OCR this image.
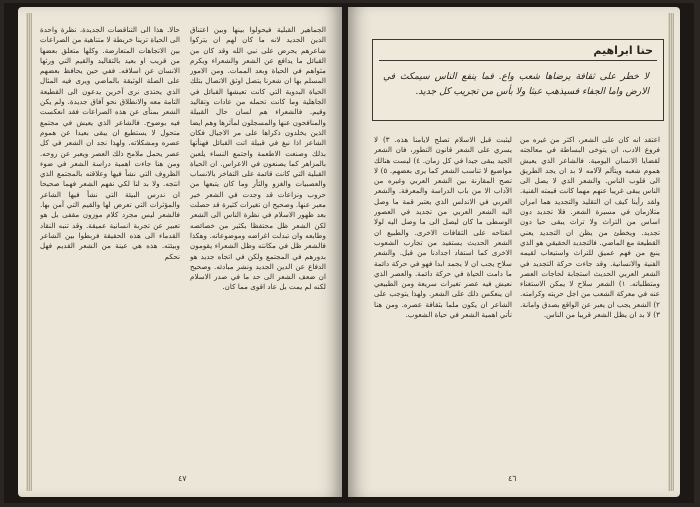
الجماهير القبلية فيحولوا بينها وبين اعتناق الدين الجديد لانه ما كان لهم ان يتركوا شاعرهم يحرض على نبي الله وقد كان من القبائل ما يدافع عن الشعر والشعراء ويكرم مثواهم في الحياة وبعد الممات. ومن الامور المسلم بها ان شعرنا يتصل اوثق الاتصال بتلك الحياة البدوية التي كانت تعيشها القبائل في الجاهلية وما كانت تحمله من عادات وتقاليد وقيم. فالشعراء هم لسان حال القبيلة والمنافحون عنها والمسجلون لمآثرها وهم ايضا الذين يخلدون ذكراها على مر الاجيال فكان الشاعر اذا نبغ في قبيلة اتت القبائل فهنأتها بذلك وصنعت الاطعمة واجتمع النساء يلعبن بالمزاهر كما يصنعون في الاعراس. ان الحياة القبلية التي كانت قائمة على التفاخر بالانساب والعصبيات والغزو والثأر وما كان يتبعها من حروب ونزاعات قد وجدت في الشعر خير معبر عنها. وصحيح ان تغيرات كثيرة قد حصلت بعد ظهور الاسلام في نظرة الناس الى الشعر لكن الشعر ظل محتفظا بكثير من خصائصه وطابعه وان تبدلت اغراضه وموضوعاته. وهكذا فالشعر ظل في مكانته وظل الشعراء يقومون بدورهم في المجتمع ولكن في اتجاه جديد هو الدفاع عن الدين الجديد ونشر مبادئه. وصحيح ان ضعف الشعر الى حد ما في صدر الاسلام لكنه لم يمت بل عاد اقوى مما كان.
حالا. هذا الى التناقضات الجديدة. نظرة واحدة الى الحياة ترينا خريطة لا متناهية من الصراعات بين الاتجاهات المتعارضة. وكلها متعلق بعضها من قريب او بعيد بالتقاليد والقيم التي ورثها الانسان عن اسلافه. ففي حين يحافظ بعضهم على الصلة الوثيقة بالماضي ويرى فيه المثال الذي يحتذى نرى آخرين يدعون الى القطيعة التامة معه والانطلاق نحو آفاق جديدة. ولم يكن الشعر بمنأى عن هذه الصراعات فقد انعكست فيه بوضوح. فالشاعر الذي يعيش في مجتمع متحول لا يستطيع ان يبقى بعيدا عن هموم عصره ومشكلاته. ولهذا نجد ان الشعر في كل عصر يحمل ملامح ذلك العصر ويعبر عن روحه. ومن هنا جاءت اهمية دراسة الشعر في ضوء الظروف التي نشأ فيها وعلاقته بالمجتمع الذي انتجه. ولا بد لنا لكي نفهم الشعر فهما صحيحا ان ندرس البيئة التي نشأ فيها الشاعر والمؤثرات التي تعرض لها والقيم التي آمن بها. فالشعر ليس مجرد كلام موزون مقفى بل هو تعبير عن تجربة انسانية عميقة. وقد تنبه النقاد القدماء الى هذه الحقيقة فربطوا بين الشاعر وبيئته. هذه هي عينة من الشعر القديم فهل نحكم
٤٧
حنا ابراهيم
لا خطر على ثقافة يرضاها شعب واع. فما ينفع الناس سيمكث في الارض واما الجفاء فسيذهب عبثا ولا بأس من تجريب كل جديد.
اعتقد انه كان على الشعر، اكثر من غيره من فروع الادب، ان يتوخى البساطة في معالجته لقضايا الانسان اليومية. فالشاعر الذي يعيش هموم شعبه ويتألم لآلامه لا بد ان يجد الطريق الى قلوب الناس. والشعر الذي لا يصل الى الناس يبقى غريبا عنهم مهما كانت قيمته الفنية. ولقد رأينا كيف ان التقليد والتجديد هما امران متلازمان في مسيرة الشعر. فلا تجديد دون اساس من التراث ولا تراث يبقى حيا دون تجديد. ويخطئ من يظن ان التجديد يعني القطيعة مع الماضي. فالتجديد الحقيقي هو الذي ينبع من فهم عميق للتراث واستيعاب لقيمه الفنية والانسانية. وقد جاءت حركة التجديد في الشعر العربي الحديث استجابة لحاجات العصر ومتطلباته. ١) الشعر سلاح لا يمكن الاستغناء عنه في معركة الشعب من اجل حريته وكرامته. ٢) الشعر يجب ان يعبر عن الواقع بصدق وامانة. ٣) لا بد ان يظل الشعر قريبا من الناس.
ليثبت قبل الاسلام تصلح لايامنا هذه. ٣) لا يسري على الشعر قانون التطور، فان الشعر الجيد يبقى جيدا في كل زمان. ٤) ليست هنالك مواضيع لا تناسب الشعر كما يرى بعضهم. ٥) لا تصح المقارنة بين الشعر العربي وغيره من الآداب الا من باب الدراسة والمعرفة. والشعر العربي في الاندلس الذي يعتبر قمة ما وصل اليه الشعر العربي من تجديد في العصور الوسطى ما كان ليصل الى ما وصل اليه لولا انفتاحه على الثقافات الاخرى. والطبيع ان الشعر الحديث يستفيد من تجارب الشعوب الاخرى كما استفاد اجدادنا من قبل. والشعر سلاح يجب ان لا يجمد ابدا فهو في حركة دائمة ما دامت الحياة في حركة دائمة. والعصر الذي نعيش فيه عصر تغيرات سريعة ومن الطبيعي ان ينعكس ذلك على الشعر. ولهذا يتوجب على الشاعر ان يكون ملما بثقافة عصره. ومن هنا تأتي اهمية الشعر في حياة الشعوب.
٤٦
